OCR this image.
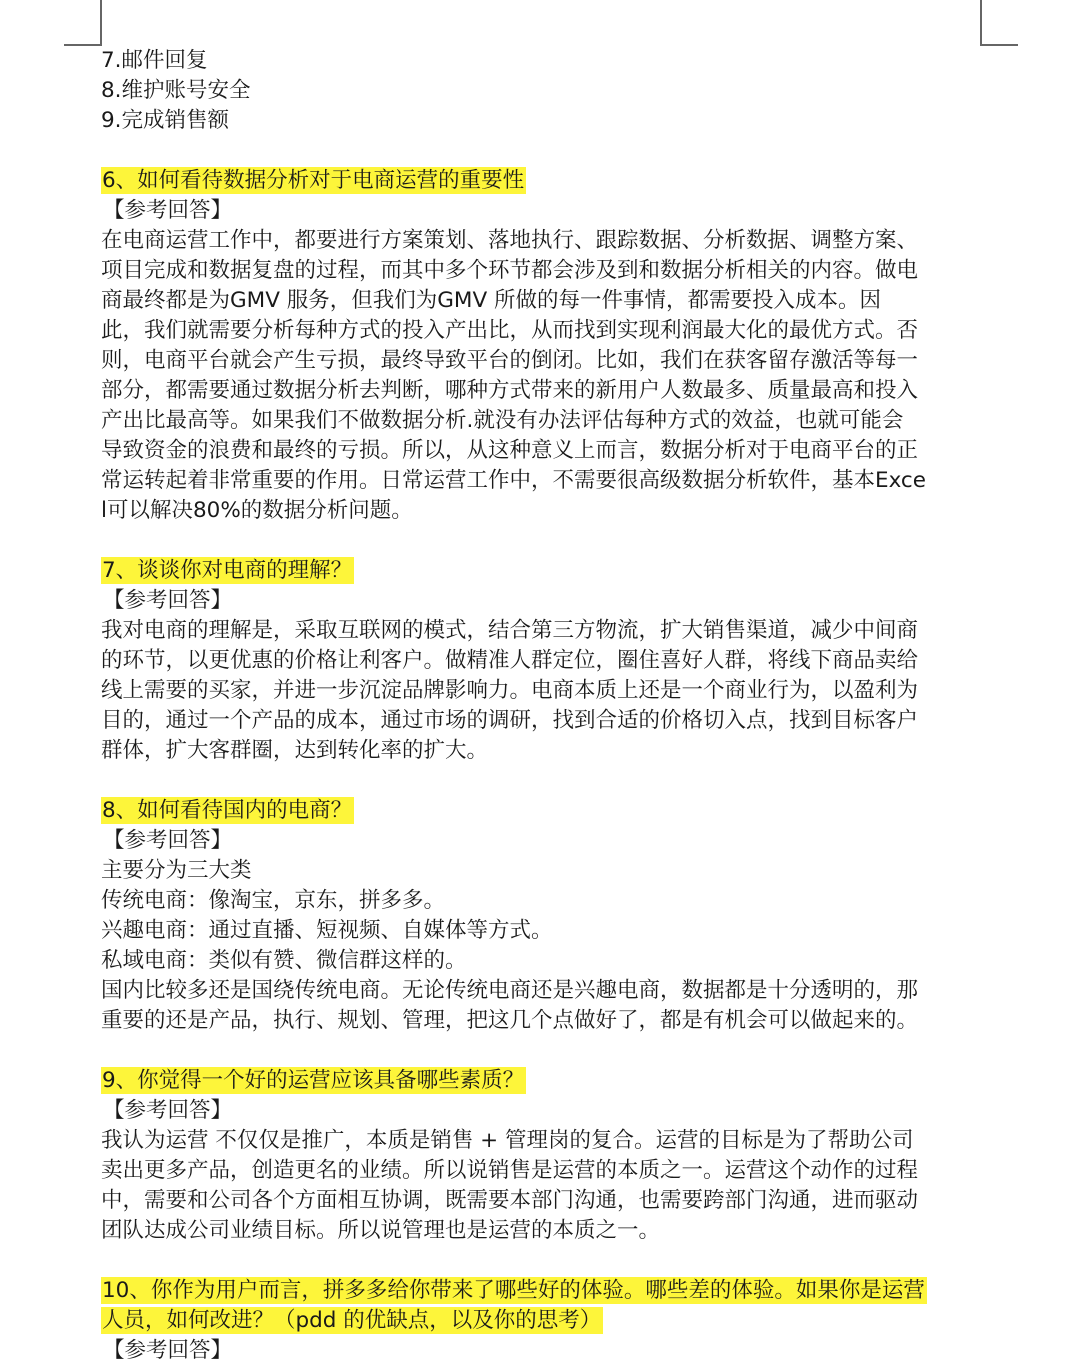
7.邮件回复
8.维护账号安全
9.完成销售额
6、如何看待数据分析对于电商运营的重要性
【参考回答】
在电商运营工作中，都要进行方案策划、落地执行、跟踪数据、分析数据、调整方案、
项目完成和数据复盘的过程，而其中多个环节都会涉及到和数据分析相关的内容。做电
商最终都是为GMV 服务，但我们为GMV 所做的每一件事情，都需要投入成本。因
此，我们就需要分析每种方式的投入产出比，从而找到实现利润最大化的最优方式。否
则，电商平台就会产生亏损，最终导致平台的倒闭。比如，我们在获客留存激活等每一
部分，都需要通过数据分析去判断，哪种方式带来的新用户人数最多、质量最高和投入
产出比最高等。如果我们不做数据分析.就没有办法评估每种方式的效益，也就可能会
导致资金的浪费和最终的亏损。所以，从这种意义上而言，数据分析对于电商平台的正
常运转起着非常重要的作用。日常运营工作中，不需要很高级数据分析软件，基本Exce
l可以解决80%的数据分析问题。
7、谈谈你对电商的理解？
【参考回答】
我对电商的理解是，采取互联网的模式，结合第三方物流，扩大销售渠道，减少中间商
的环节，以更优惠的价格让利客户。做精准人群定位，圈住喜好人群，将线下商品卖给
线上需要的买家，并进一步沉淀品牌影响力。电商本质上还是一个商业行为，以盈利为
目的，通过一个产品的成本，通过市场的调研，找到合适的价格切入点，找到目标客户
群体，扩大客群圈，达到转化率的扩大。
8、如何看待国内的电商？
【参考回答】
主要分为三大类
传统电商：像淘宝，京东，拼多多。
兴趣电商：通过直播、短视频、自媒体等方式。
私域电商：类似有赞、微信群这样的。
国内比较多还是国绕传统电商。无论传统电商还是兴趣电商，数据都是十分透明的，那
重要的还是产品，执行、规划、管理，把这几个点做好了，都是有机会可以做起来的。
9、你觉得一个好的运营应该具备哪些素质？
【参考回答】
我认为运营 不仅仅是推广，本质是销售 + 管理岗的复合。运营的目标是为了帮助公司
卖出更多产品，创造更名的业绩。所以说销售是运营的本质之一。运营这个动作的过程
中，需要和公司各个方面相互协调，既需要本部门沟通，也需要跨部门沟通，进而驱动
团队达成公司业绩目标。所以说管理也是运营的本质之一。
10、你作为用户而言，拼多多给你带来了哪些好的体验。哪些差的体验。如果你是运营
人员，如何改进？（pdd 的优缺点，以及你的思考）
【参考回答】
